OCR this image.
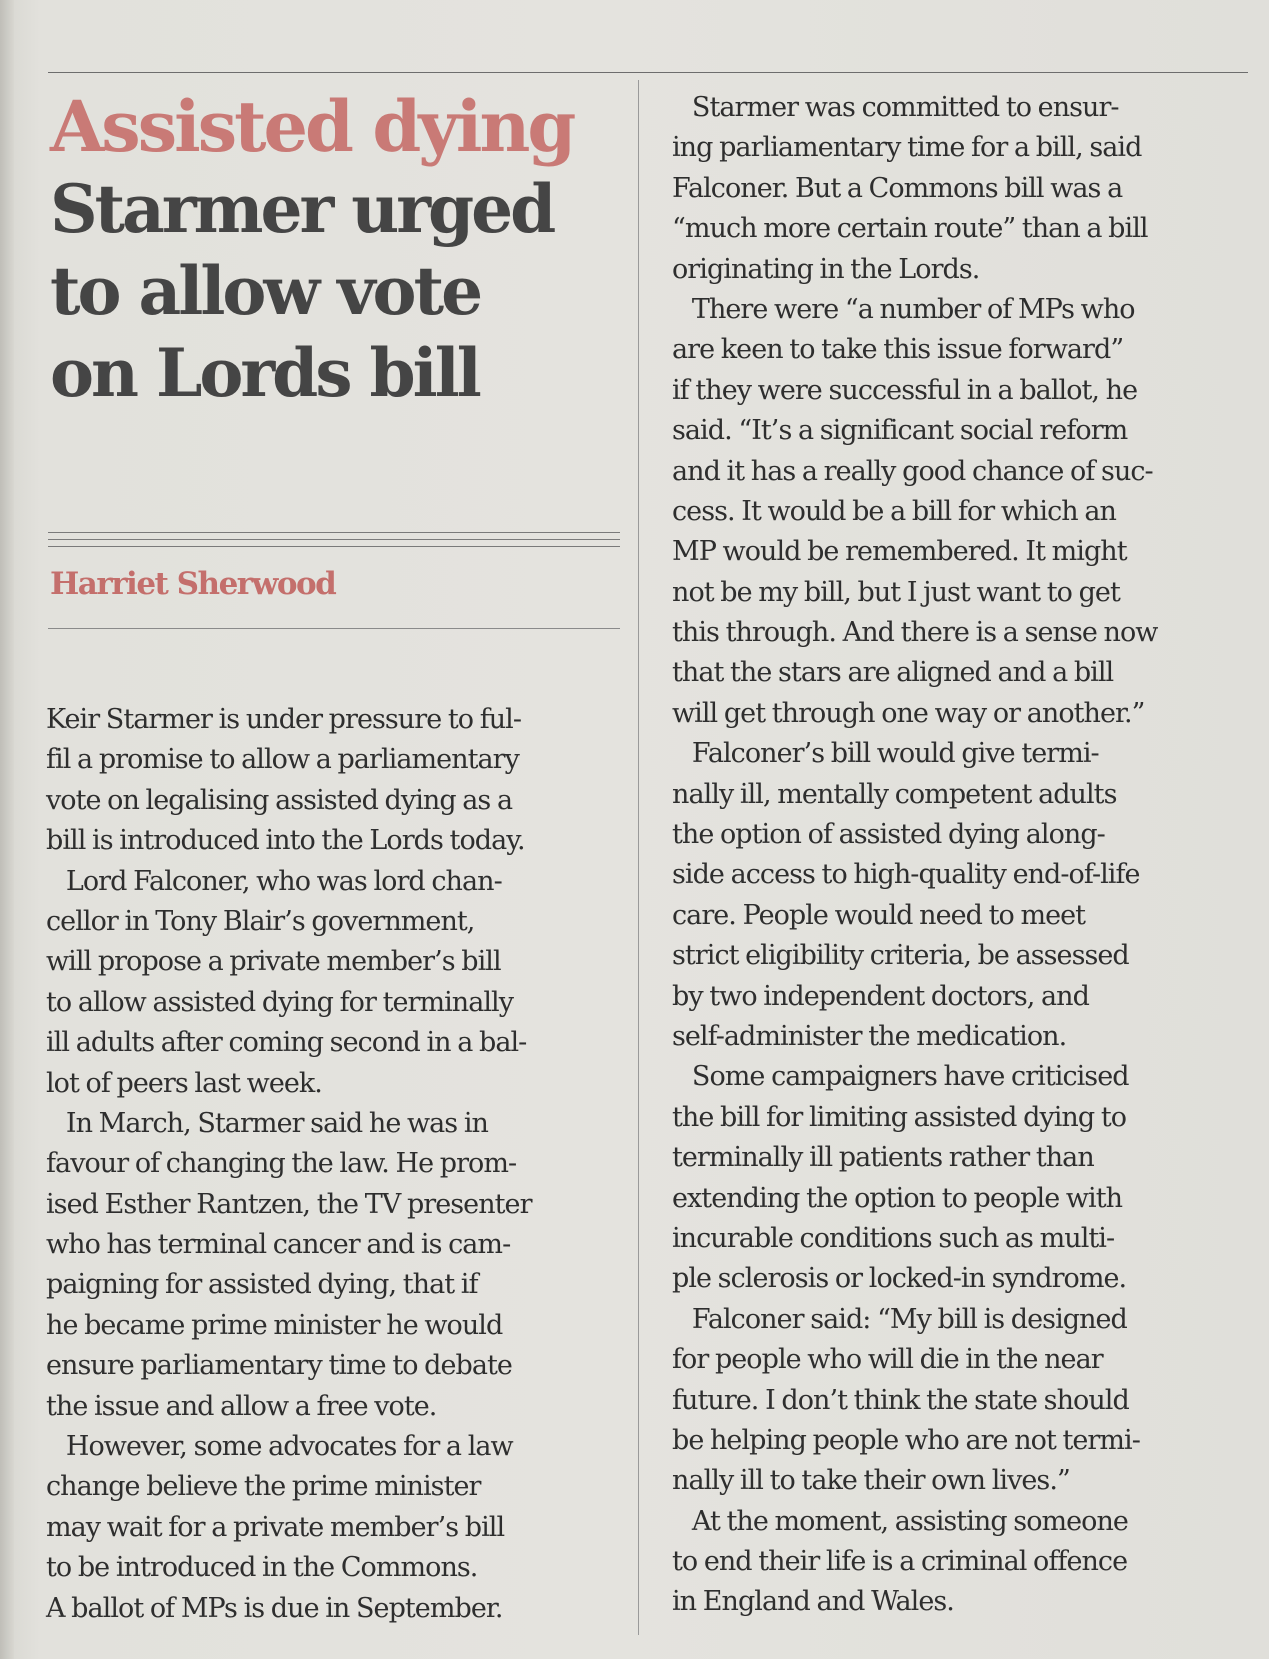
Assisted dying
Starmer urged
to allow vote
on Lords bill
Harriet Sherwood
Keir Starmer is under pressure to ful-
fil a promise to allow a parliamentary
vote on legalising assisted dying as a
bill is introduced into the Lords today.
Lord Falconer, who was lord chan-
cellor in Tony Blair’s government,
will propose a private member’s bill
to allow assisted dying for terminally
ill adults after coming second in a bal-
lot of peers last week.
In March, Starmer said he was in
favour of changing the law. He prom-
ised Esther Rantzen, the TV presenter
who has terminal cancer and is cam-
paigning for assisted dying, that if
he became prime minister he would
ensure parliamentary time to debate
the issue and allow a free vote.
However, some advocates for a law
change believe the prime minister
may wait for a private member’s bill
to be introduced in the Commons.
A ballot of MPs is due in September.
Starmer was committed to ensur-
ing parliamentary time for a bill, said
Falconer. But a Commons bill was a
“much more certain route” than a bill
originating in the Lords.
There were “a number of MPs who
are keen to take this issue forward”
if they were successful in a ballot, he
said. “It’s a significant social reform
and it has a really good chance of suc-
cess. It would be a bill for which an
MP would be remembered. It might
not be my bill, but I just want to get
this through. And there is a sense now
that the stars are aligned and a bill
will get through one way or another.”
Falconer’s bill would give termi-
nally ill, mentally competent adults
the option of assisted dying along-
side access to high-quality end-of-life
care. People would need to meet
strict eligibility criteria, be assessed
by two independent doctors, and
self-administer the medication.
Some campaigners have criticised
the bill for limiting assisted dying to
terminally ill patients rather than
extending the option to people with
incurable conditions such as multi-
ple sclerosis or locked-in syndrome.
Falconer said: “My bill is designed
for people who will die in the near
future. I don’t think the state should
be helping people who are not termi-
nally ill to take their own lives.”
At the moment, assisting someone
to end their life is a criminal offence
in England and Wales.
